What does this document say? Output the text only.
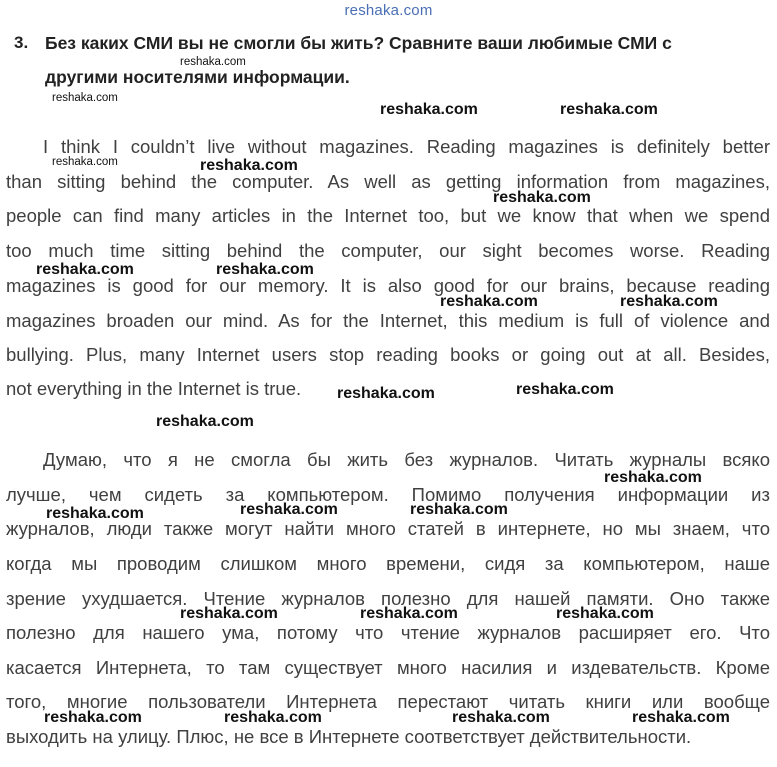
reshaka.com
3. Без каких СМИ вы не смогли бы жить? Сравните ваши любимые СМИ с
другими носителями информации.
I think I couldn’t live without magazines. Reading magazines is definitely better
than sitting behind the computer. As well as getting information from magazines,
people can find many articles in the Internet too, but we know that when we spend
too much time sitting behind the computer, our sight becomes worse. Reading
magazines is good for our memory. It is also good for our brains, because reading
magazines broaden our mind. As for the Internet, this medium is full of violence and
bullying. Plus, many Internet users stop reading books or going out at all. Besides,
not everything in the Internet is true.
Думаю, что я не смогла бы жить без журналов. Читать журналы всяко
лучше, чем сидеть за компьютером. Помимо получения информации из
журналов, люди также могут найти много статей в интернете, но мы знаем, что
когда мы проводим слишком много времени, сидя за компьютером, наше
зрение ухудшается. Чтение журналов полезно для нашей памяти. Оно также
полезно для нашего ума, потому что чтение журналов расширяет его. Что
касается Интернета, то там существует много насилия и издевательств. Кроме
того, многие пользователи Интернета перестают читать книги или вообще
выходить на улицу. Плюс, не все в Интернете соответствует действительности.
reshaka.com
reshaka.com
reshaka.com	reshaka.com
reshaka.com	reshaka.com
reshaka.com
reshaka.com	reshaka.com
reshaka.com	reshaka.com
reshaka.com	reshaka.com
reshaka.com
reshaka.com
reshaka.com	reshaka.com	reshaka.com
reshaka.com	reshaka.com	reshaka.com
reshaka.com	reshaka.com	reshaka.com	reshaka.com
